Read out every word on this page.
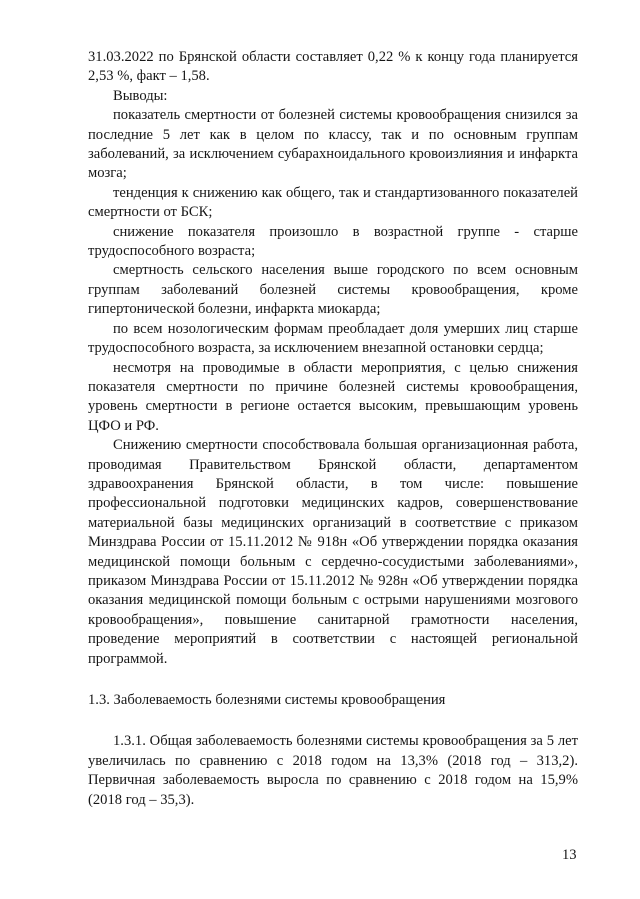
31.03.2022 по Брянской области составляет 0,22 % к концу года планируется 2,53 %, факт – 1,58.

Выводы:

показатель смертности от болезней системы кровообращения снизился за последние 5 лет как в целом по классу, так и по основным группам заболеваний, за исключением субарахноидального кровоизлияния и инфаркта мозга;

тенденция к снижению как общего, так и стандартизованного показателей смертности от БСК;

снижение показателя произошло в возрастной группе - старше трудоспособного возраста;

смертность сельского населения выше городского по всем основным группам заболеваний болезней системы кровообращения, кроме гипертонической болезни, инфаркта миокарда;

по всем нозологическим формам преобладает доля умерших лиц старше трудоспособного возраста, за исключением внезапной остановки сердца;

несмотря на проводимые в области мероприятия, с целью снижения показателя смертности по причине болезней системы кровообращения, уровень смертности в регионе остается высоким, превышающим уровень ЦФО и РФ.

Снижению смертности способствовала большая организационная работа, проводимая Правительством Брянской области, департаментом здравоохранения Брянской области, в том числе: повышение профессиональной подготовки медицинских кадров, совершенствование материальной базы медицинских организаций в соответствие с приказом Минздрава России от 15.11.2012 № 918н «Об утверждении порядка оказания медицинской помощи больным с сердечно-сосудистыми заболеваниями», приказом Минздрава России от 15.11.2012 № 928н «Об утверждении порядка оказания медицинской помощи больным с острыми нарушениями мозгового кровообращения», повышение санитарной грамотности населения, проведение мероприятий в соответствии с настоящей региональной программой.

1.3. Заболеваемость болезнями системы кровообращения

1.3.1. Общая заболеваемость болезнями системы кровообращения за 5 лет увеличилась по сравнению с 2018 годом на 13,3% (2018 год – 313,2). Первичная заболеваемость выросла по сравнению с 2018 годом на 15,9% (2018 год – 35,3).

13
